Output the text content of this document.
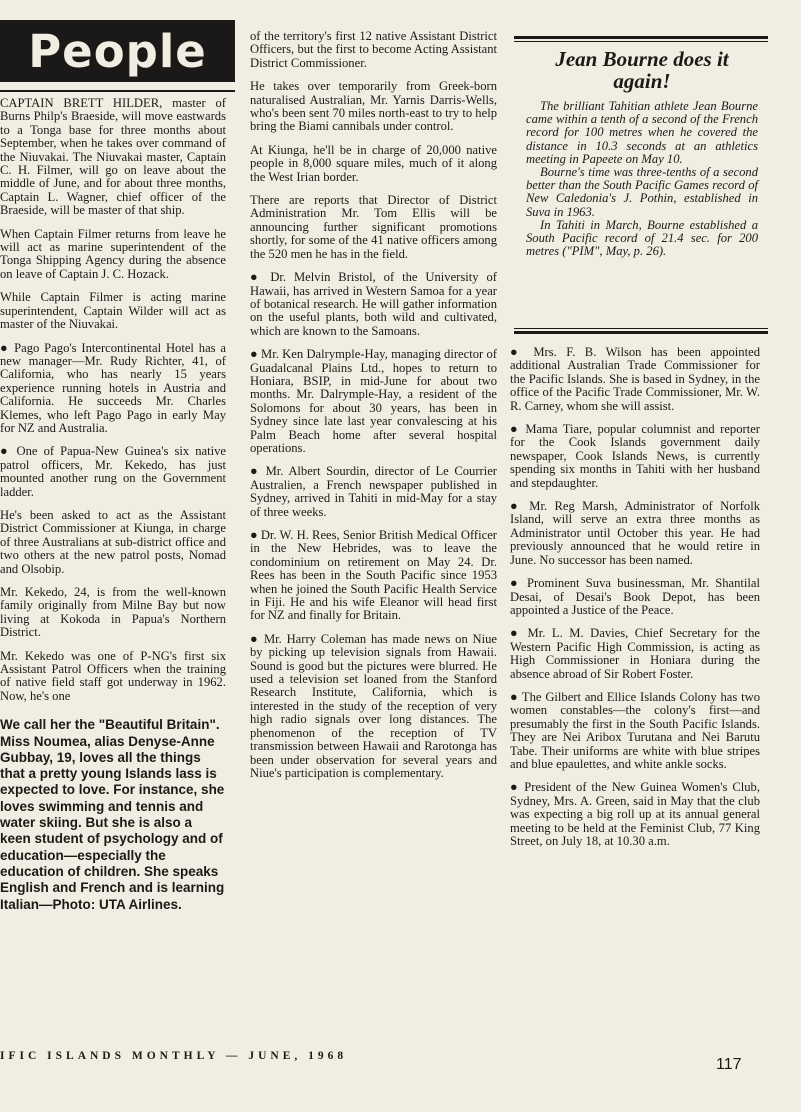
People

CAPTAIN BRETT HILDER, master of Burns Philp's Braeside, will move eastwards to a Tonga base for three months about September, when he takes over command of the Niuvakai. The Niuvakai master, Captain C. H. Filmer, will go on leave about the middle of June, and for about three months, Captain L. Wagner, chief officer of the Braeside, will be master of that ship.

When Captain Filmer returns from leave he will act as marine superintendent of the Tonga Shipping Agency during the absence on leave of Captain J. C. Hozack.

While Captain Filmer is acting marine superintendent, Captain Wilder will act as master of the Niuvakai.

● Pago Pago's Intercontinental Hotel has a new manager—Mr. Rudy Richter, 41, of California, who has nearly 15 years experience running hotels in Austria and California. He succeeds Mr. Charles Klemes, who left Pago Pago in early May for NZ and Australia.

● One of Papua-New Guinea's six native patrol officers, Mr. Kekedo, has just mounted another rung on the Government ladder.

He's been asked to act as the Assistant District Commissioner at Kiunga, in charge of three Australians at sub-district office and two others at the new patrol posts, Nomad and Olsobip.

Mr. Kekedo, 24, is from the well-known family originally from Milne Bay but now living at Kokoda in Papua's Northern District.

Mr. Kekedo was one of P-NG's first six Assistant Patrol Officers when the training of native field staff got underway in 1962. Now, he's one

We call her the "Beautiful Britain". Miss Noumea, alias Denyse-Anne Gubbay, 19, loves all the things that a pretty young Islands lass is expected to love. For instance, she loves swimming and tennis and water skiing. But she is also a keen student of psychology and of education—especially the education of children. She speaks English and French and is learning Italian—Photo: UTA Airlines.

of the territory's first 12 native Assistant District Officers, but the first to become Acting Assistant District Commissioner.

He takes over temporarily from Greek-born naturalised Australian, Mr. Yarnis Darris-Wells, who's been sent 70 miles north-east to try to help bring the Biami cannibals under control.

At Kiunga, he'll be in charge of 20,000 native people in 8,000 square miles, much of it along the West Irian border.

There are reports that Director of District Administration Mr. Tom Ellis will be announcing further significant promotions shortly, for some of the 41 native officers among the 520 men he has in the field.

● Dr. Melvin Bristol, of the University of Hawaii, has arrived in Western Samoa for a year of botanical research. He will gather information on the useful plants, both wild and cultivated, which are known to the Samoans.

● Mr. Ken Dalrymple-Hay, managing director of Guadalcanal Plains Ltd., hopes to return to Honiara, BSIP, in mid-June for about two months. Mr. Dalrymple-Hay, a resident of the Solomons for about 30 years, has been in Sydney since late last year convalescing at his Palm Beach home after several hospital operations.

● Mr. Albert Sourdin, director of Le Courrier Australien, a French newspaper published in Sydney, arrived in Tahiti in mid-May for a stay of three weeks.

● Dr. W. H. Rees, Senior British Medical Officer in the New Hebrides, was to leave the condominium on retirement on May 24. Dr. Rees has been in the South Pacific since 1953 when he joined the South Pacific Health Service in Fiji. He and his wife Eleanor will head first for NZ and finally for Britain.

● Mr. Harry Coleman has made news on Niue by picking up television signals from Hawaii. Sound is good but the pictures were blurred. He used a television set loaned from the Stanford Research Institute, California, which is interested in the study of the reception of very high radio signals over long distances. The phenomenon of the reception of TV transmission between Hawaii and Rarotonga has been under observation for several years and Niue's participation is complementary.

Jean Bourne does it again!

The brilliant Tahitian athlete Jean Bourne came within a tenth of a second of the French record for 100 metres when he covered the distance in 10.3 seconds at an athletics meeting in Papeete on May 10.

Bourne's time was three-tenths of a second better than the South Pacific Games record of New Caledonia's J. Pothin, established in Suva in 1963.

In Tahiti in March, Bourne established a South Pacific record of 21.4 sec. for 200 metres ("PIM", May, p. 26).

● Mrs. F. B. Wilson has been appointed additional Australian Trade Commissioner for the Pacific Islands. She is based in Sydney, in the office of the Pacific Trade Commissioner, Mr. W. R. Carney, whom she will assist.

● Mama Tiare, popular columnist and reporter for the Cook Islands government daily newspaper, Cook Islands News, is currently spending six months in Tahiti with her husband and stepdaughter.

● Mr. Reg Marsh, Administrator of Norfolk Island, will serve an extra three months as Administrator until October this year. He had previously announced that he would retire in June. No successor has been named.

● Prominent Suva businessman, Mr. Shantilal Desai, of Desai's Book Depot, has been appointed a Justice of the Peace.

● Mr. L. M. Davies, Chief Secretary for the Western Pacific High Commission, is acting as High Commissioner in Honiara during the absence abroad of Sir Robert Foster.

● The Gilbert and Ellice Islands Colony has two women constables—the colony's first—and presumably the first in the South Pacific Islands. They are Nei Aribox Turutana and Nei Barutu Tabe. Their uniforms are white with blue stripes and blue epaulettes, and white ankle socks.

● President of the New Guinea Women's Club, Sydney, Mrs. A. Green, said in May that the club was expecting a big roll up at its annual general meeting to be held at the Feminist Club, 77 King Street, on July 18, at 10.30 a.m.

IFIC ISLANDS MONTHLY — JUNE, 1968	117
